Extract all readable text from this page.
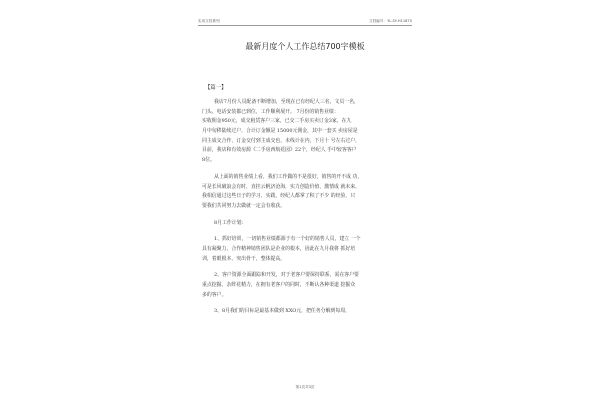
实用文档系列	文档编号：YL-SY-H1187S
最新月度个人工作总结700字模板
【篇一】
我店7月份人员配备不断增加，至现在已有经纪人三名，文员一名，
门头、电话安装都已到位，工作顺利展开。 7月份的销售业绩：
实收佣金950元，成交租赁客户三家，已交二手房买卖订金3家，在九
月中旬移陆续过户，合计订金额是 15000元佣金，其中一套买 卖房屋是
同主成交合作，订金交付到主成交也，未线计在内，下月十 号左右过户，
目前，我店和有效房源《二手房西航花园》22个，经纪人 手中较客客户
8位。
从上面的销售业绩上看，我们工作做的不是很好，销售的开不成 功，
可是长风破浪会有时，直挂云帆济沧海，实力创造价值，激情成 就未来，
我相信通过这些日子的学习，实践，经纪人都掌了积了不少 的经验，只
要我们共同努力去做就一定会有收获。
8月工作计划：
1、抓好培训，一切销售业绩都源于有一个好的销售人员，建立 一个
具有凝聚力，合作精神销售团队是企业的根本，因此在九月我将 抓好培
训，着眼根本，突出骨干，整体提高。
2、客户资源全面跟踪和开发，对于老客户要保持联系，需在客户要
重点挖掘，杂阵花精力，在拥有老客户的同时，不断认各种渠道 挖掘众
多的客户。
3、8月我们的目标是最基本做到 XXO元，把任务分解到每周，
第1页共3页
